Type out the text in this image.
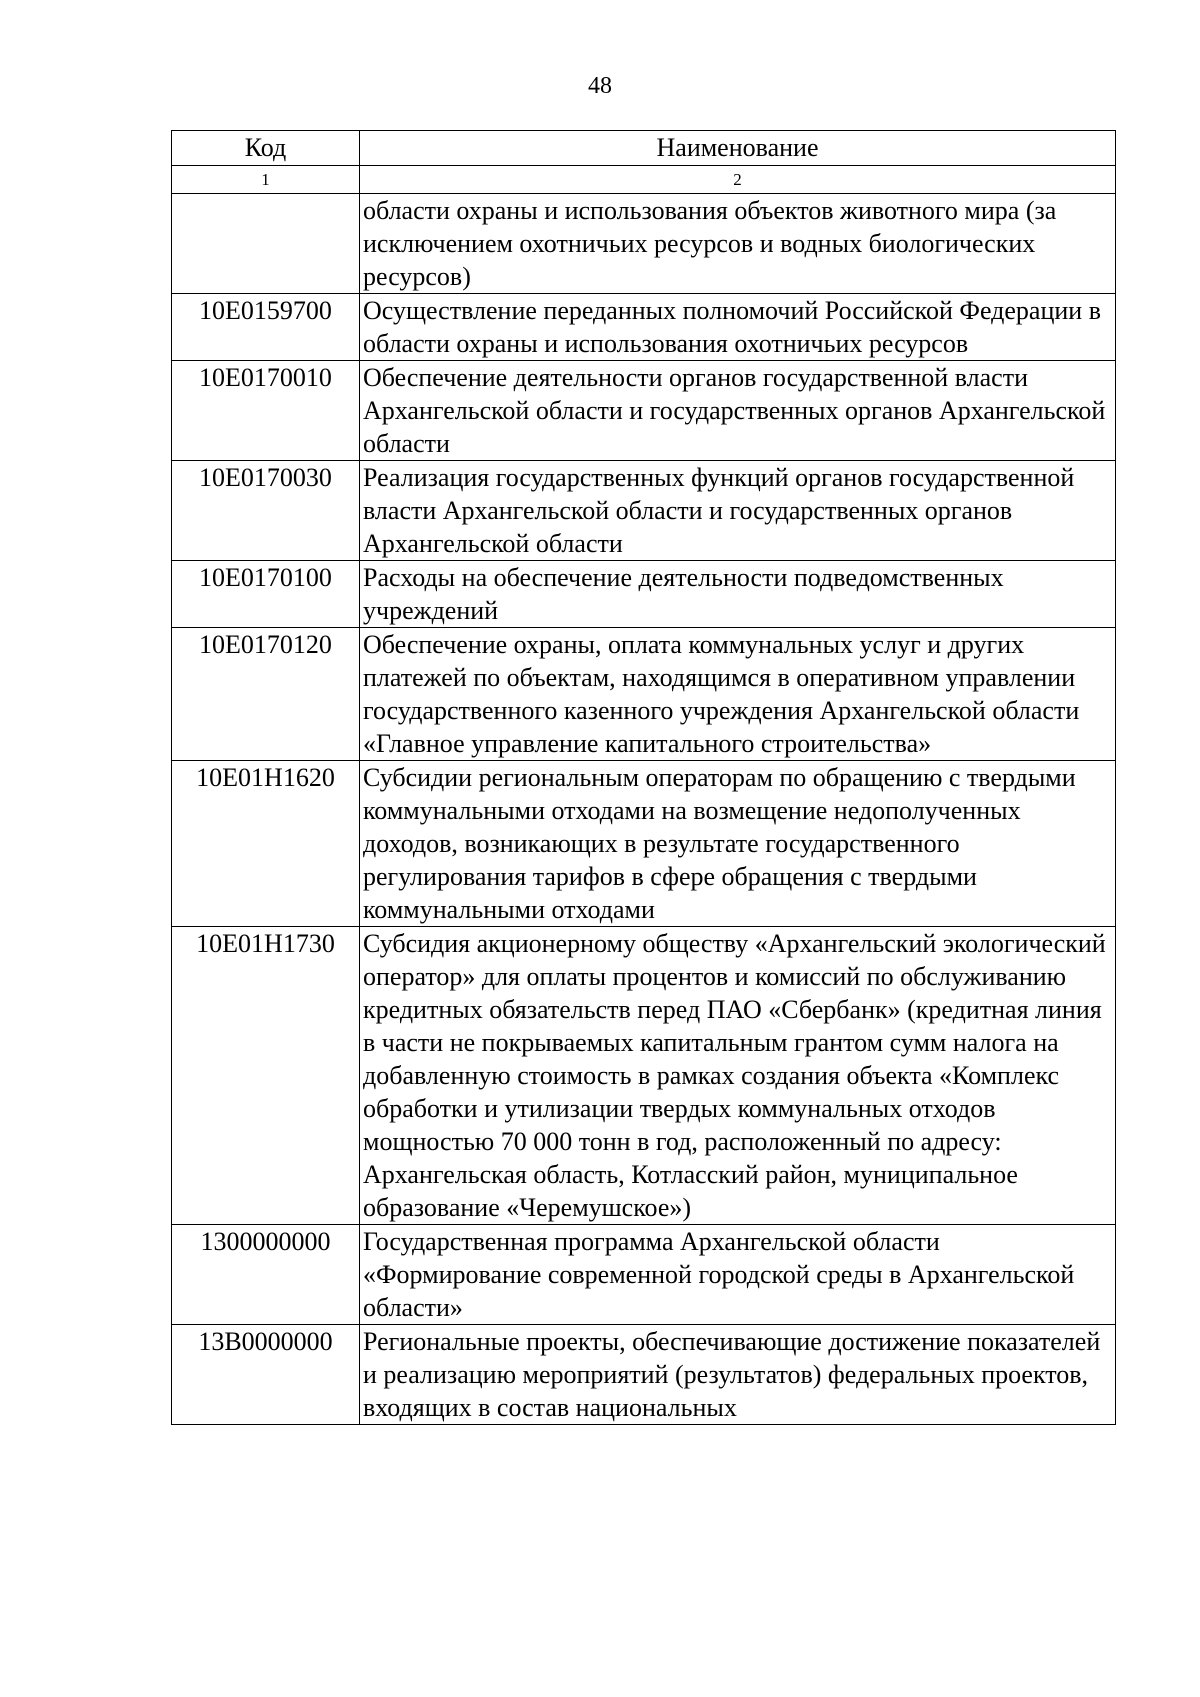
48
Код	Наименование
1	2
	области охраны и использования объектов животного мира (за исключением охотничьих ресурсов и водных биологических ресурсов)
10E0159700	Осуществление переданных полномочий Российской Федерации в области охраны и использования охотничьих ресурсов
10E0170010	Обеспечение деятельности органов государственной власти Архангельской области и государственных органов Архангельской области
10E0170030	Реализация государственных функций органов государственной власти Архангельской области и государственных органов Архангельской области
10E0170100	Расходы на обеспечение деятельности подведомственных учреждений
10E0170120	Обеспечение охраны, оплата коммунальных услуг и других платежей по объектам, находящимся в оперативном управлении государственного казенного учреждения Архангельской области «Главное управление капитального строительства»
10E01H1620	Субсидии региональным операторам по обращению с твердыми коммунальными отходами на возмещение недополученных доходов, возникающих в результате государственного регулирования тарифов в сфере обращения с твердыми коммунальными отходами
10E01H1730	Субсидия акционерному обществу «Архангельский экологический оператор» для оплаты процентов и комиссий по обслуживанию кредитных обязательств перед ПАО «Сбербанк» (кредитная линия в части не покрываемых капитальным грантом сумм налога на добавленную стоимость в рамках создания объекта «Комплекс обработки и утилизации твердых коммунальных отходов мощностью 70 000 тонн в год, расположенный по адресу: Архангельская область, Котласский район, муниципальное образование «Черемушское»)
1300000000	Государственная программа Архангельской области «Формирование современной городской среды в Архангельской области»
13B0000000	Региональные проекты, обеспечивающие достижение показателей и реализацию мероприятий (результатов) федеральных проектов, входящих в состав национальных
